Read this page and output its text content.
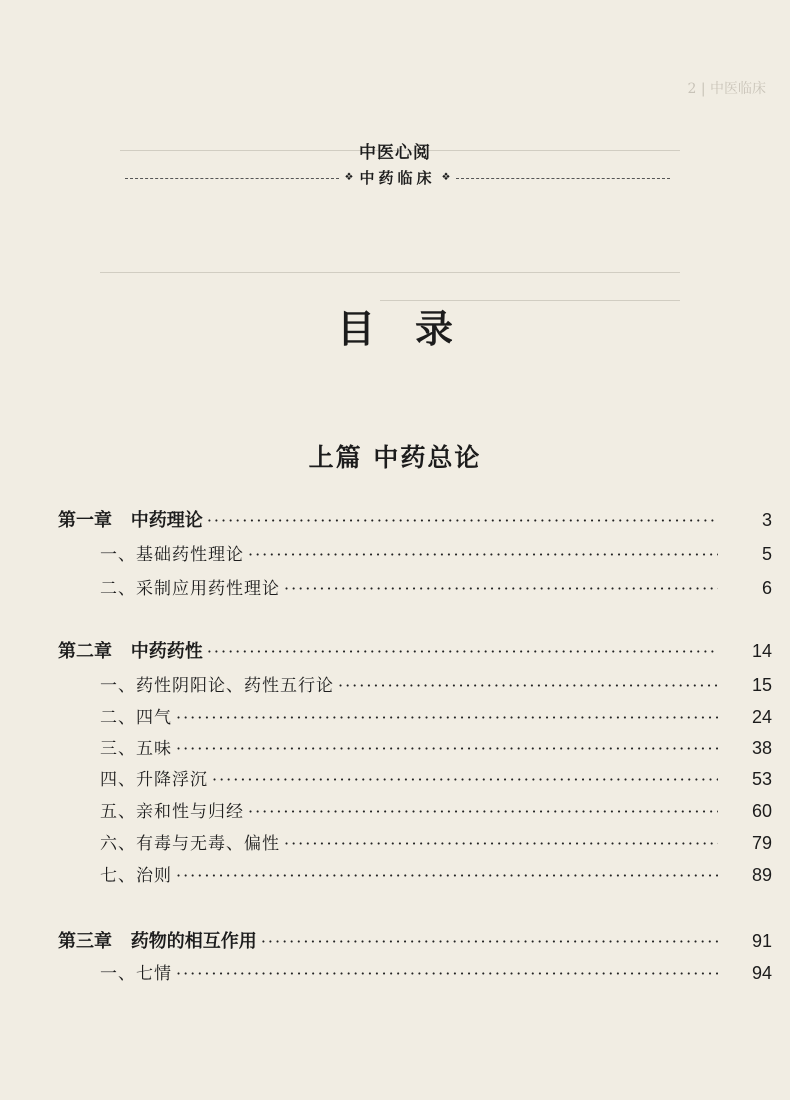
2 | 中医临床
中医心阅
❖ 中药临床 ❖
目录
上篇 中药总论
第一章   中药理论 ·····	3
一、基础药性理论 ·····	5
二、采制应用药性理论 ·····	6
第二章   中药药性 ·····	14
一、药性阴阳论、药性五行论 ·····	15
二、四气 ·····	24
三、五味 ·····	38
四、升降浮沉 ·····	53
五、亲和性与归经 ·····	60
六、有毒与无毒、偏性 ·····	79
七、治则 ·····	89
第三章   药物的相互作用 ·····	91
一、七情 ·····	94
